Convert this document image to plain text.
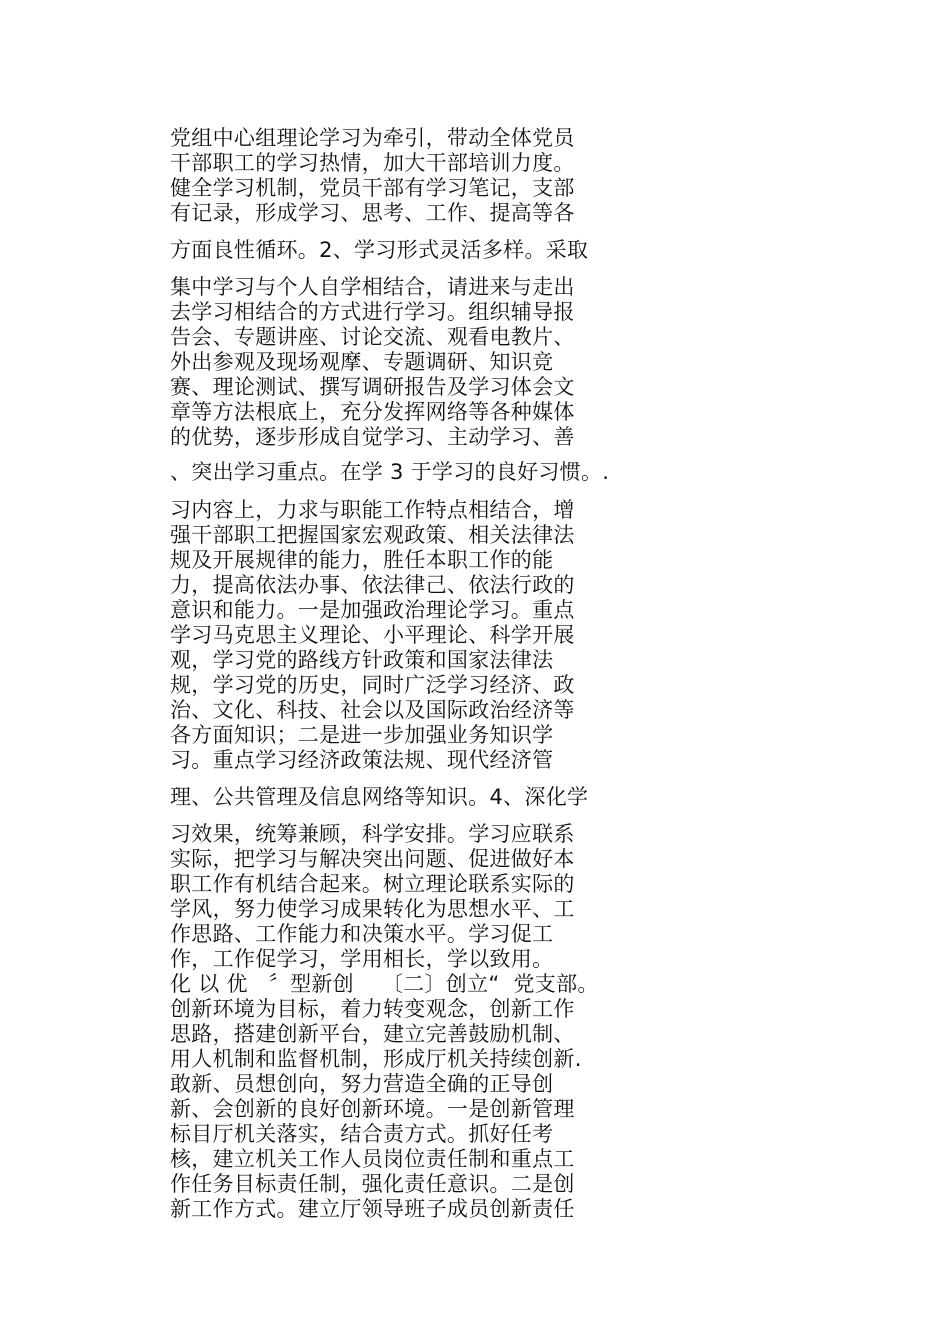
党组中心组理论学习为牵引，带动全体党员

干部职工的学习热情，加大干部培训力度。

健全学习机制，党员干部有学习笔记，支部

有记录，形成学习、思考、工作、提高等各

方面良性循环。2、学习形式灵活多样。采取

集中学习与个人自学相结合，请进来与走出

去学习相结合的方式进行学习。组织辅导报

告会、专题讲座、讨论交流、观看电教片、

外出参观及现场观摩、专题调研、知识竞

赛、理论测试、撰写调研报告及学习体会文

章等方法根底上，充分发挥网络等各种媒体

的优势，逐步形成自觉学习、主动学习、善

、突出学习重点。在学 3 于学习的良好习惯。.

习内容上，力求与职能工作特点相结合，增

强干部职工把握国家宏观政策、相关法律法

规及开展规律的能力，胜任本职工作的能

力，提高依法办事、依法律己、依法行政的

意识和能力。一是加强政治理论学习。重点

学习马克思主义理论、小平理论、科学开展

观，学习党的路线方针政策和国家法律法

规，学习党的历史，同时广泛学习经济、政

治、文化、科技、社会以及国际政治经济等

各方面知识；二是进一步加强业务知识学

习。重点学习经济政策法规、现代经济管

理、公共管理及信息网络等知识。4、深化学

习效果，统筹兼顾，科学安排。学习应联系

实际，把学习与解决突出问题、促进做好本

职工作有机结合起来。树立理论联系实际的

学风，努力使学习成果转化为思想水平、工

作思路、工作能力和决策水平。学习促工

作，工作促学习，学用相长，学以致用。

化 以 优   〞型新创    〔二〕创立“  党支部。

创新环境为目标，着力转变观念，创新工作

思路，搭建创新平台，建立完善鼓励机制、

用人机制和监督机制，形成厅机关持续创新.

敢新、员想创向，努力营造全确的正导创

新、会创新的良好创新环境。一是创新管理

标目厅机关落实，结合责方式。抓好任考

核，建立机关工作人员岗位责任制和重点工

作任务目标责任制，强化责任意识。二是创

新工作方式。建立厅领导班子成员创新责任
